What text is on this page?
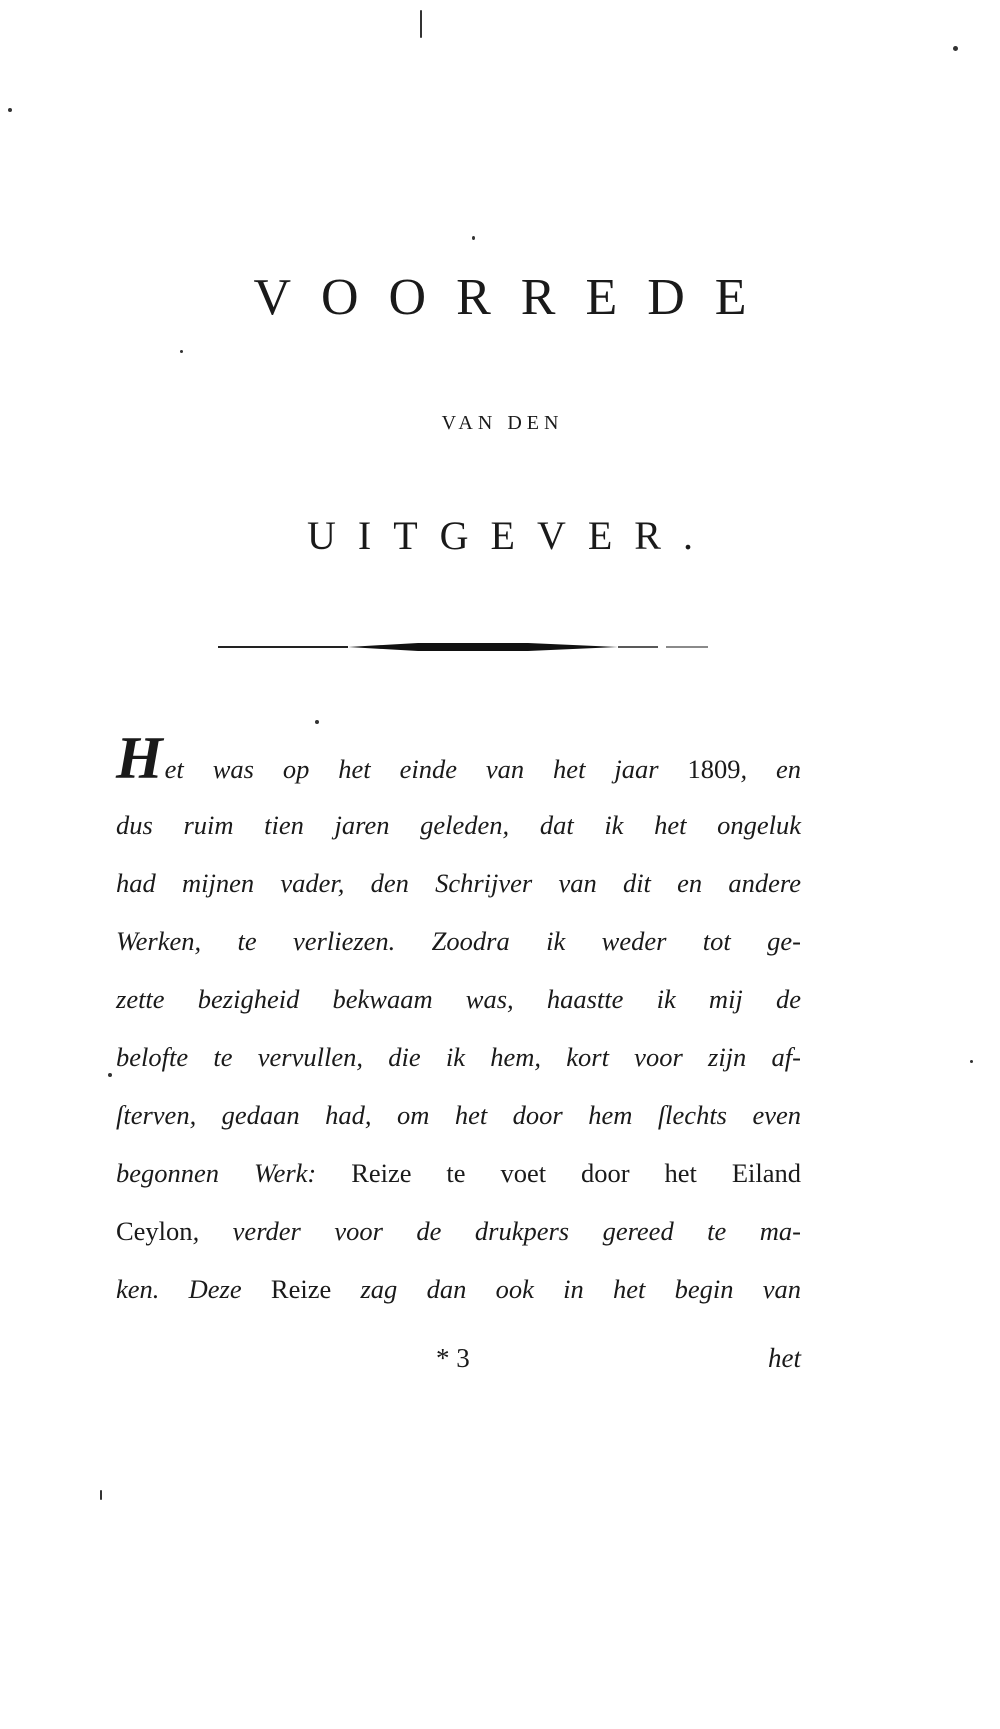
VOORREDE
VAN DEN
UITGEVER.
Het was op het einde van het jaar 1809, en
dus ruim tien jaren geleden, dat ik het ongeluk
had mijnen vader, den Schrijver van dit en andere
Werken, te verliezen. Zoodra ik weder tot ge-
zette bezigheid bekwaam was, haastte ik mij de
belofte te vervullen, die ik hem, kort voor zijn af-
ſterven, gedaan had, om het door hem ſlechts even
begonnen Werk: Reize te voet door het Eiland
Ceylon, verder voor de drukpers gereed te ma-
ken. Deze Reize zag dan ook in het begin van
* 3	het
